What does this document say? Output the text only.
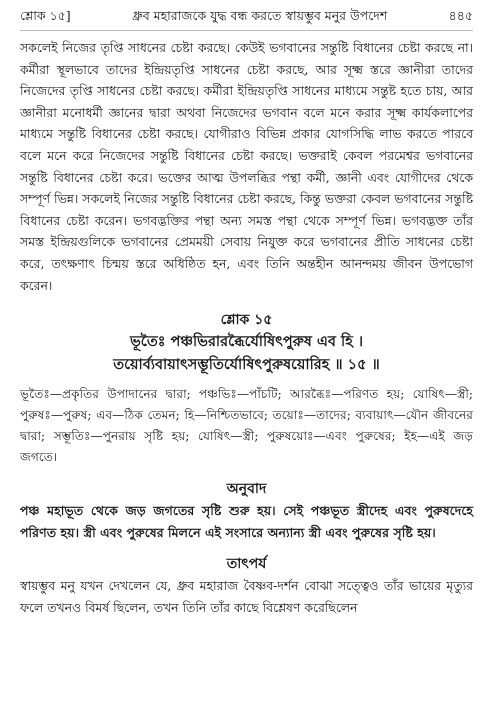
শ্লোক ১৫]	ধ্রুব মহারাজকে যুদ্ধ বন্ধ করতে স্বায়ম্ভুব মনুর উপদেশ	৪৪৫

সকলেই নিজের তৃপ্তি সাধনের চেষ্টা করছে। কেউই ভগবানের সন্তুষ্টি বিধানের চেষ্টা করছে না। কর্মীরা স্থূলভাবে তাদের ইন্দ্রিয়তৃপ্তি সাধনের চেষ্টা করছে, আর সূক্ষ্ম স্তরে জ্ঞানীরা তাদের নিজেদের তৃপ্তি সাধনের চেষ্টা করছে। কর্মীরা ইন্দ্রিয়তৃপ্তি সাধনের মাধ্যমে সন্তুষ্ট হতে চায়, আর জ্ঞানীরা মনোধর্মী জ্ঞানের দ্বারা অথবা নিজেদের ভগবান বলে মনে করার সূক্ষ্ম কার্যকলাপের মাধ্যমে সন্তুষ্টি বিধানের চেষ্টা করছে। যোগীরাও বিভিন্ন প্রকার যোগসিদ্ধি লাভ করতে পারবে বলে মনে করে নিজেদের সন্তুষ্টি বিধানের চেষ্টা করছে। ভক্তরাই কেবল পরমেশ্বর ভগবানের সন্তুষ্টি বিধানের চেষ্টা করে। ভক্তের আত্ম উপলব্ধির পন্থা কর্মী, জ্ঞানী এবং যোগীদের থেকে সম্পূর্ণ ভিন্ন। সকলেই নিজের সন্তুষ্টি বিধানের চেষ্টা করছে, কিন্তু ভক্তরা কেবল ভগবানের সন্তুষ্টি বিধানের চেষ্টা করেন। ভগবদ্ভক্তির পন্থা অন্য সমস্ত পন্থা থেকে সম্পূর্ণ ভিন্ন। ভগবদ্ভক্ত তাঁর সমস্ত ইন্দ্রিয়গুলিকে ভগবানের প্রেমময়ী সেবায় নিযুক্ত করে ভগবানের প্রীতি সাধনের চেষ্টা করে, তৎক্ষণাৎ চিন্ময় স্তরে অধিষ্ঠিত হন, এবং তিনি অন্তহীন আনন্দময় জীবন উপভোগ করেন।

শ্লোক ১৫
ভূতৈঃ পঞ্চভিরারব্ধৈর্যোষিৎপুরুষ এব হি ।
তয়োর্ব্যবায়াৎসম্ভূতির্যোষিৎপুরুষয়োরিহ ॥ ১৫ ॥
ভূতৈঃ—প্রকৃতির উপাদানের দ্বারা; পঞ্চভিঃ—পাঁচটি; আরব্ধৈঃ—পরিণত হয়; যোষিৎ—স্ত্রী; পুরুষঃ—পুরুষ; এব—ঠিক তেমন; হি—নিশ্চিতভাবে; তয়োঃ—তাদের; ব্যবায়াৎ—যৌন জীবনের দ্বারা; সম্ভূতিঃ—পুনরায় সৃষ্টি হয়; যোষিৎ—স্ত্রী; পুরুষয়োঃ—এবং পুরুষের; ইহ—এই জড় জগতে।
অনুবাদ
পঞ্চ মহাভূত থেকে জড় জগতের সৃষ্টি শুরু হয়। সেই পঞ্চভূত স্ত্রীদেহ এবং পুরুষদেহে পরিণত হয়। স্ত্রী এবং পুরুষের মিলনে এই সংসারে অন্যান্য স্ত্রী এবং পুরুষের সৃষ্টি হয়।
তাৎপর্য
স্বায়ম্ভুব মনু যখন দেখলেন যে, ধ্রুব মহারাজ বৈষ্ণব-দর্শন বোঝা সত্ত্বেও তাঁর ভায়ের মৃত্যুর ফলে তখনও বিমর্ষ ছিলেন, তখন তিনি তাঁর কাছে বিশ্লেষণ করেছিলেন
